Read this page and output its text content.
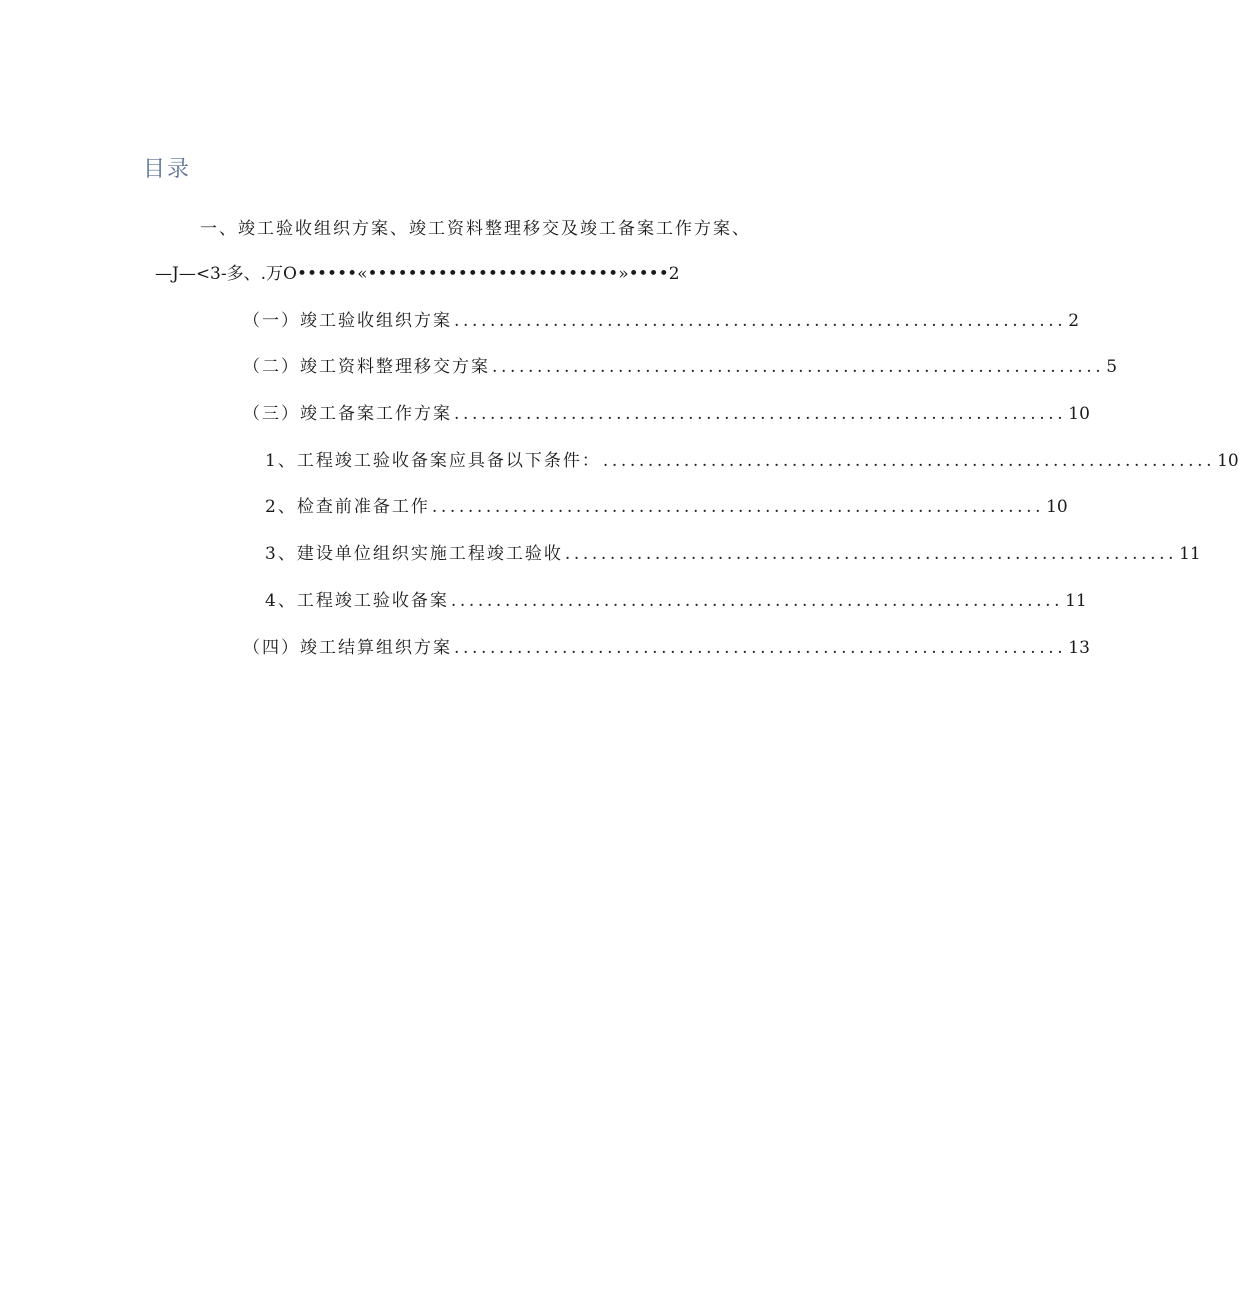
目录
一、竣工验收组织方案、竣工资料整理移交及竣工备案工作方案、
—J—<3-多、.万O••••••«•••••••••••••••••••••••••»••••2
（一）竣工验收组织方案 .................................................................... 2
（二）竣工资料整理移交方案 .................................................................... 5
（三）竣工备案工作方案 .................................................................... 10
1、工程竣工验收备案应具备以下条件： .................................................................... 10
2、检查前准备工作 .................................................................... 10
3、建设单位组织实施工程竣工验收 .................................................................... 11
4、工程竣工验收备案 .................................................................... 11
（四）竣工结算组织方案 .................................................................... 13
